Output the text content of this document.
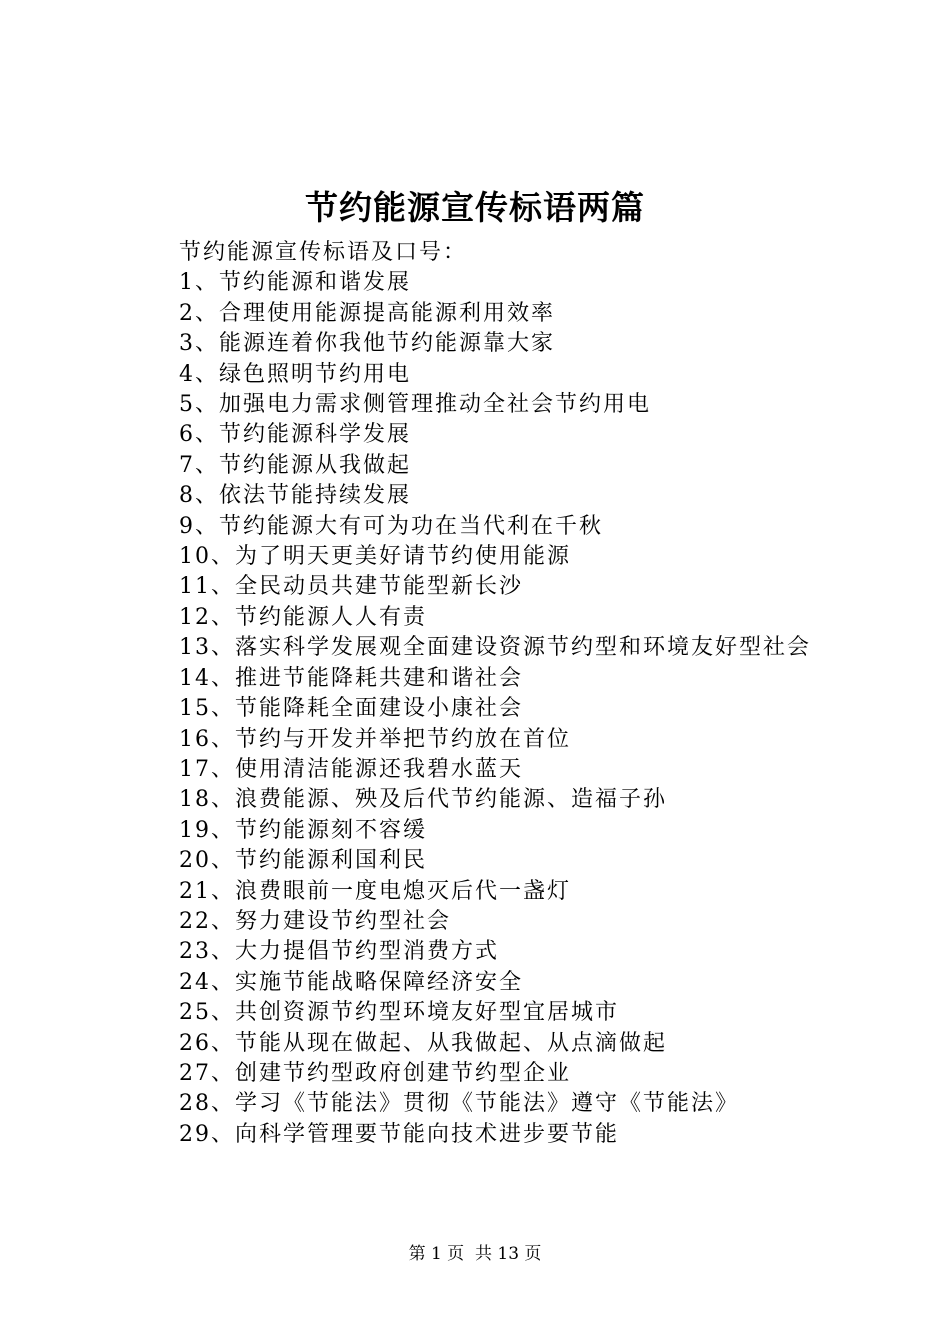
节约能源宣传标语两篇
节约能源宣传标语及口号：
1、节约能源和谐发展
2、合理使用能源提高能源利用效率
3、能源连着你我他节约能源靠大家
4、绿色照明节约用电
5、加强电力需求侧管理推动全社会节约用电
6、节约能源科学发展
7、节约能源从我做起
8、依法节能持续发展
9、节约能源大有可为功在当代利在千秋
10、为了明天更美好请节约使用能源
11、全民动员共建节能型新长沙
12、节约能源人人有责
13、落实科学发展观全面建设资源节约型和环境友好型社会
14、推进节能降耗共建和谐社会
15、节能降耗全面建设小康社会
16、节约与开发并举把节约放在首位
17、使用清洁能源还我碧水蓝天
18、浪费能源、殃及后代节约能源、造福子孙
19、节约能源刻不容缓
20、节约能源利国利民
21、浪费眼前一度电熄灭后代一盏灯
22、努力建设节约型社会
23、大力提倡节约型消费方式
24、实施节能战略保障经济安全
25、共创资源节约型环境友好型宜居城市
26、节能从现在做起、从我做起、从点滴做起
27、创建节约型政府创建节约型企业
28、学习《节能法》贯彻《节能法》遵守《节能法》
29、向科学管理要节能向技术进步要节能
第 1 页  共 13 页
